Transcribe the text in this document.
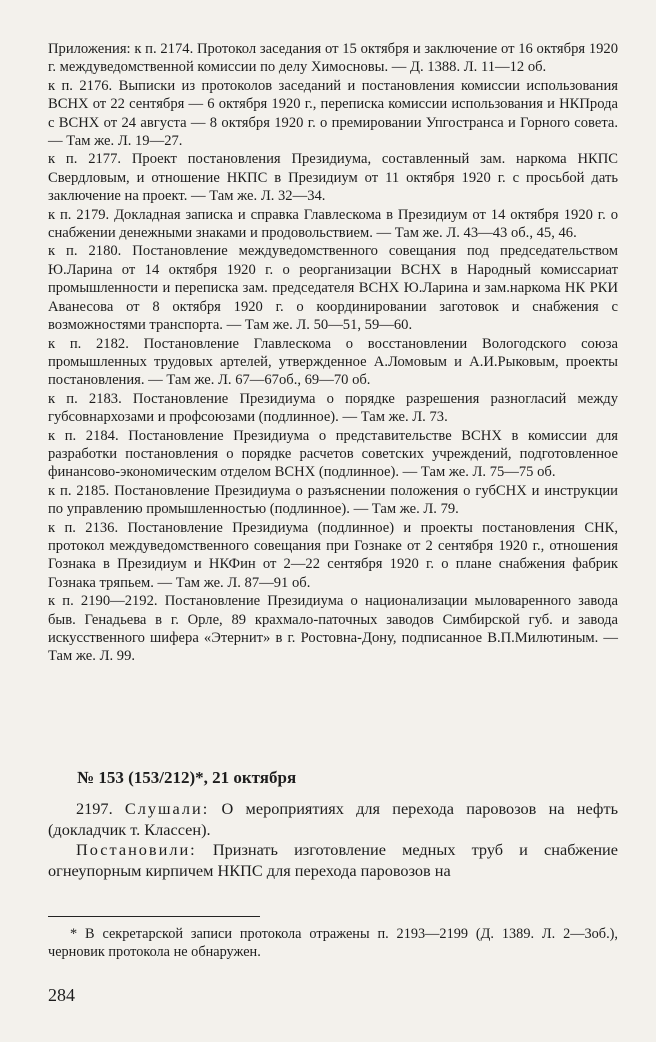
Приложения: к п. 2174. Протокол заседания от 15 октября и заключение от 16 октября 1920 г. междуведомственной комиссии по делу Химосновы. — Д. 1388. Л. 11—12 об.

к п. 2176. Выписки из протоколов заседаний и постановления комиссии использования ВСНХ от 22 сентября — 6 октября 1920 г., переписка комиссии использования и НКПрода с ВСНХ от 24 августа — 8 октября 1920 г. о премировании Упгостранса и Горного совета. — Там же. Л. 19—27.

к п. 2177. Проект постановления Президиума, составленный зам. наркома НКПС Свердловым, и отношение НКПС в Президиум от 11 октября 1920 г. с просьбой дать заключение на проект. — Там же. Л. 32—34.

к п. 2179. Докладная записка и справка Главлескома в Президиум от 14 октября 1920 г. о снабжении денежными знаками и продовольствием. — Там же. Л. 43—43 об., 45, 46.

к п. 2180. Постановление междуведомственного совещания под председательством Ю.Ларина от 14 октября 1920 г. о реорганизации ВСНХ в Народный комиссариат промышленности и переписка зам. председателя ВСНХ Ю.Ларина и зам.наркома НК РКИ Аванесова от 8 октября 1920 г. о координировании заготовок и снабжения с возможностями транспорта. — Там же. Л. 50—51, 59—60.

к п. 2182. Постановление Главлескома о восстановлении Вологодского союза промышленных трудовых артелей, утвержденное А.Ломовым и А.И.Рыковым, проекты постановления. — Там же. Л. 67—67об., 69—70 об.

к п. 2183. Постановление Президиума о порядке разрешения разногласий между губсовнархозами и профсоюзами (подлинное). — Там же. Л. 73.

к п. 2184. Постановление Президиума о представительстве ВСНХ в комиссии для разработки постановления о порядке расчетов советских учреждений, подготовленное финансово-экономическим отделом ВСНХ (подлинное). — Там же. Л. 75—75 об.

к п. 2185. Постановление Президиума о разъяснении положения о губСНХ и инструкции по управлению промышленностью (подлинное). — Там же. Л. 79.

к п. 2136. Постановление Президиума (подлинное) и проекты постановления СНК, протокол междуведомственного совещания при Гознаке от 2 сентября 1920 г., отношения Гознака в Президиум и НКФин от 2—22 сентября 1920 г. о плане снабжения фабрик Гознака тряпьем. — Там же. Л. 87—91 об.

к п. 2190—2192. Постановление Президиума о национализации мыловаренного завода быв. Генадьева в г. Орле, 89 крахмало-паточных заводов Симбирской губ. и завода искусственного шифера «Этернит» в г. Ростовна-Дону, подписанное В.П.Милютиным. — Там же. Л. 99.

№ 153 (153/212)*, 21 октября

2197. Слушали: О мероприятиях для перехода паровозов на нефть (докладчик т. Классен).

Постановили: Признать изготовление медных труб и снабжение огнеупорным кирпичем НКПС для перехода паровозов на

* В секретарской записи протокола отражены п. 2193—2199 (Д. 1389. Л. 2—3об.), черновик протокола не обнаружен.

284
